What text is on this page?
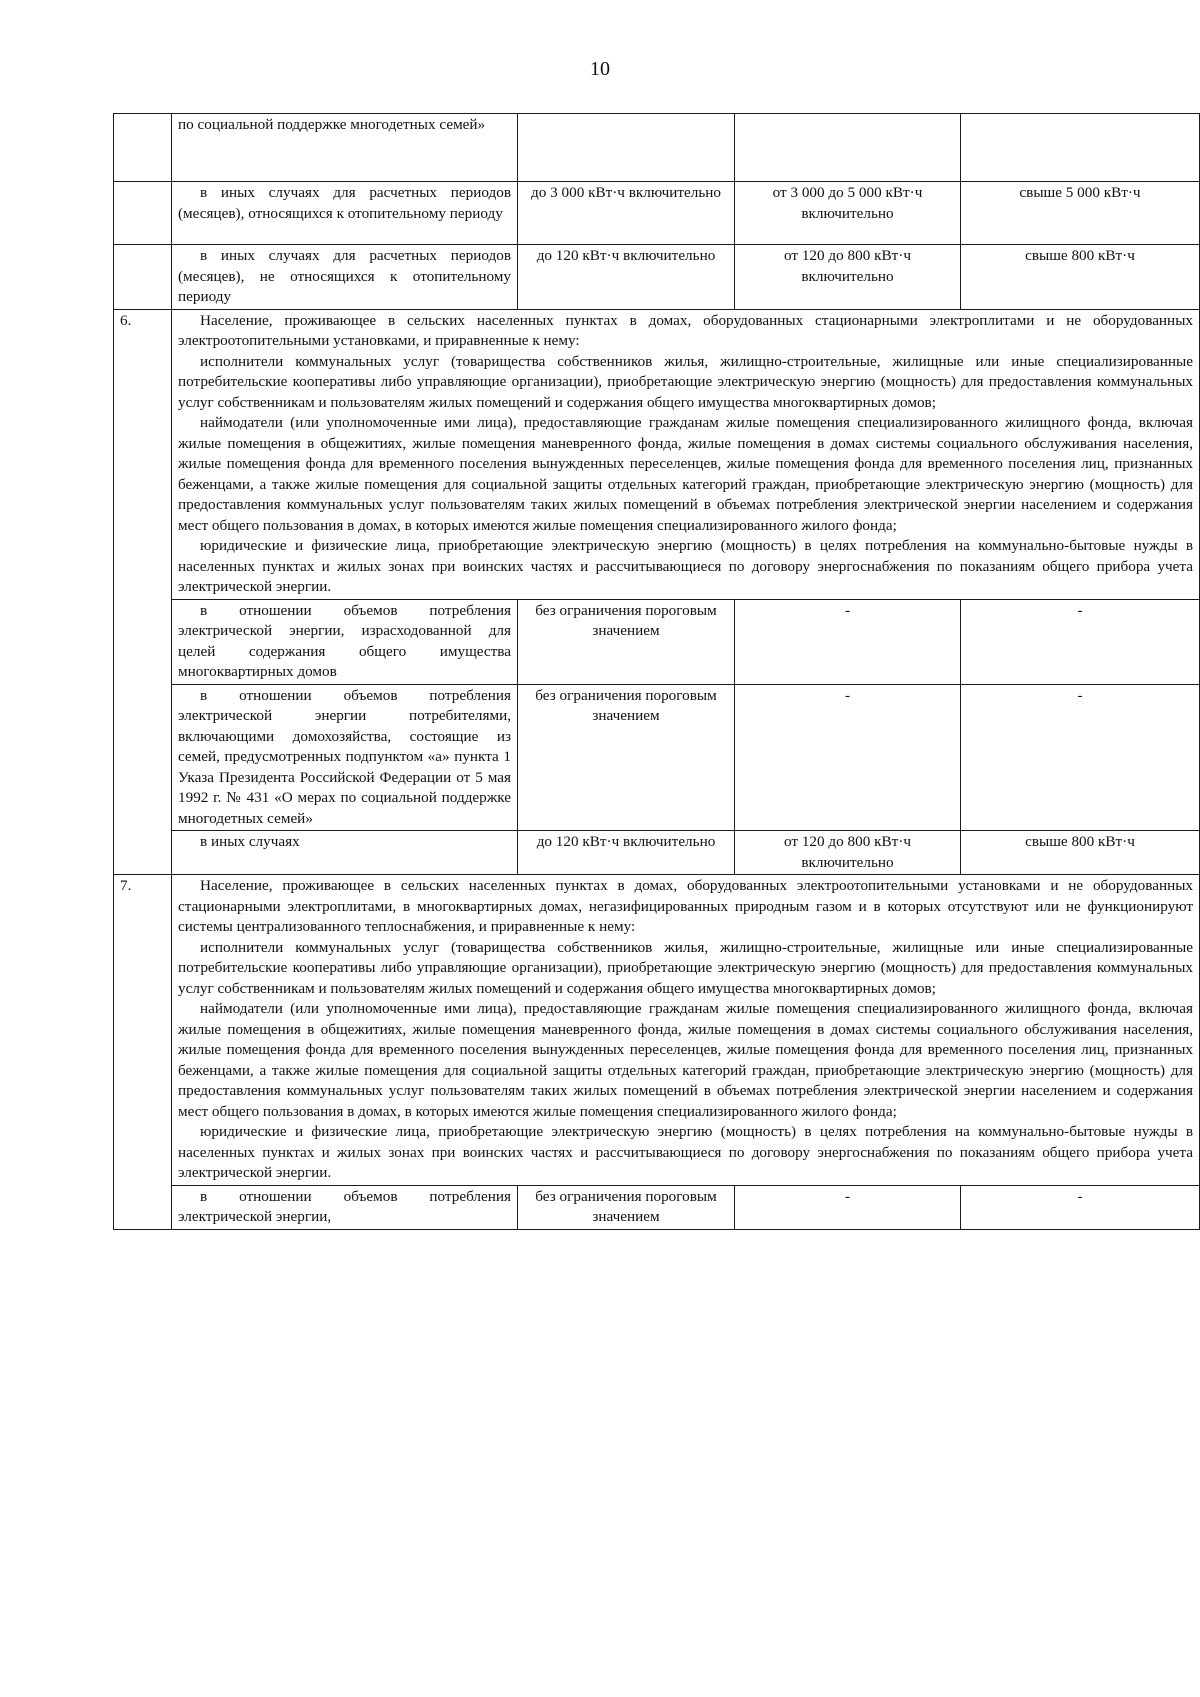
10

	по социальной поддержке многодетных семей»			

	в иных случаях для расчетных периодов (месяцев), относящихся к отопительному периоду	до 3 000 кВт·ч включительно	от 3 000 до 5 000 кВт·ч включительно	свыше 5 000 кВт·ч

	в иных случаях для расчетных периодов (месяцев), не относящихся к отопительному периоду	до 120 кВт·ч включительно	от 120 до 800 кВт·ч включительно	свыше 800 кВт·ч
6.	Население, проживающее в сельских населенных пунктах в домах, оборудованных стационарными электроплитами и не оборудованных электроотопительными установками, и приравненные к нему:

исполнители коммунальных услуг (товарищества собственников жилья, жилищно-строительные, жилищные или иные специализированные потребительские кооперативы либо управляющие организации), приобретающие электрическую энергию (мощность) для предоставления коммунальных услуг собственникам и пользователям жилых помещений и содержания общего имущества многоквартирных домов;

наймодатели (или уполномоченные ими лица), предоставляющие гражданам жилые помещения специализированного жилищного фонда, включая жилые помещения в общежитиях, жилые помещения маневренного фонда, жилые помещения в домах системы социального обслуживания населения, жилые помещения фонда для временного поселения вынужденных переселенцев, жилые помещения фонда для временного поселения лиц, признанных беженцами, а также жилые помещения для социальной защиты отдельных категорий граждан, приобретающие электрическую энергию (мощность) для предоставления коммунальных услуг пользователям таких жилых помещений в объемах потребления электрической энергии населением и содержания мест общего пользования в домах, в которых имеются жилые помещения специализированного жилого фонда;

юридические и физические лица, приобретающие электрическую энергию (мощность) в целях потребления на коммунально-бытовые нужды в населенных пунктах и жилых зонах при воинских частях и рассчитывающиеся по договору энергоснабжения по показаниям общего прибора учета электрической энергии.			

	в отношении объемов потребления электрической энергии, израсходованной для целей содержания общего имущества многоквартирных домов	без ограничения пороговым значением	-	-

	в отношении объемов потребления электрической энергии потребителями, включающими домохозяйства, состоящие из семей, предусмотренных подпунктом «а» пункта 1 Указа Президента Российской Федерации от 5 мая 1992 г. № 431 «О мерах по социальной поддержке многодетных семей»	без ограничения пороговым значением	-	-

	в иных случаях	до 120 кВт·ч включительно	от 120 до 800 кВт·ч включительно	свыше 800 кВт·ч
7.	Население, проживающее в сельских населенных пунктах в домах, оборудованных электроотопительными установками и не оборудованных стационарными электроплитами, в многоквартирных домах, негазифицированных природным газом и в которых отсутствуют или не функционируют системы централизованного теплоснабжения, и приравненные к нему:

исполнители коммунальных услуг (товарищества собственников жилья, жилищно-строительные, жилищные или иные специализированные потребительские кооперативы либо управляющие организации), приобретающие электрическую энергию (мощность) для предоставления коммунальных услуг собственникам и пользователям жилых помещений и содержания общего имущества многоквартирных домов;

наймодатели (или уполномоченные ими лица), предоставляющие гражданам жилые помещения специализированного жилищного фонда, включая жилые помещения в общежитиях, жилые помещения маневренного фонда, жилые помещения в домах системы социального обслуживания населения, жилые помещения фонда для временного поселения вынужденных переселенцев, жилые помещения фонда для временного поселения лиц, признанных беженцами, а также жилые помещения для социальной защиты отдельных категорий граждан, приобретающие электрическую энергию (мощность) для предоставления коммунальных услуг пользователям таких жилых помещений в объемах потребления электрической энергии населением и содержания мест общего пользования в домах, в которых имеются жилые помещения специализированного жилого фонда;

юридические и физические лица, приобретающие электрическую энергию (мощность) в целях потребления на коммунально-бытовые нужды в населенных пунктах и жилых зонах при воинских частях и рассчитывающиеся по договору энергоснабжения по показаниям общего прибора учета электрической энергии.			

	в отношении объемов потребления электрической энергии,	без ограничения пороговым значением	-	-
